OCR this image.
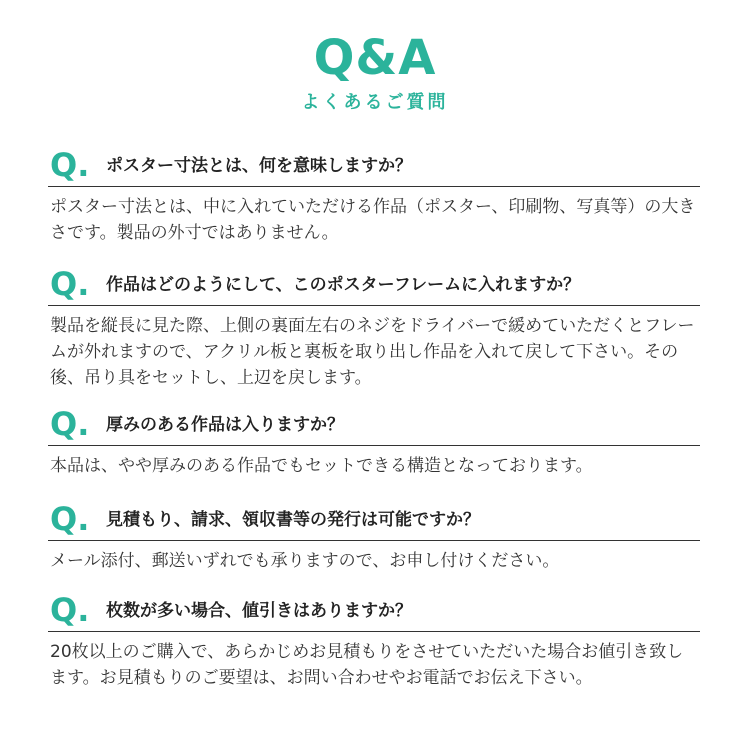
Q&A
よくあるご質問
Q. ポスター寸法とは、何を意味しますか？
ポスター寸法とは、中に入れていただける作品（ポスター、印刷物、写真等）の大きさです。製品の外寸ではありません。
Q. 作品はどのようにして、このポスターフレームに入れますか？
製品を縦長に見た際、上側の裏面左右のネジをドライバーで緩めていただくとフレームが外れますので、アクリル板と裏板を取り出し作品を入れて戻して下さい。その後、吊り具をセットし、上辺を戻します。
Q. 厚みのある作品は入りますか？
本品は、やや厚みのある作品でもセットできる構造となっております。
Q. 見積もり、請求、領収書等の発行は可能ですか？
メール添付、郵送いずれでも承りますので、お申し付けください。
Q. 枚数が多い場合、値引きはありますか？
20枚以上のご購入で、あらかじめお見積もりをさせていただいた場合お値引き致します。お見積もりのご要望は、お問い合わせやお電話でお伝え下さい。
